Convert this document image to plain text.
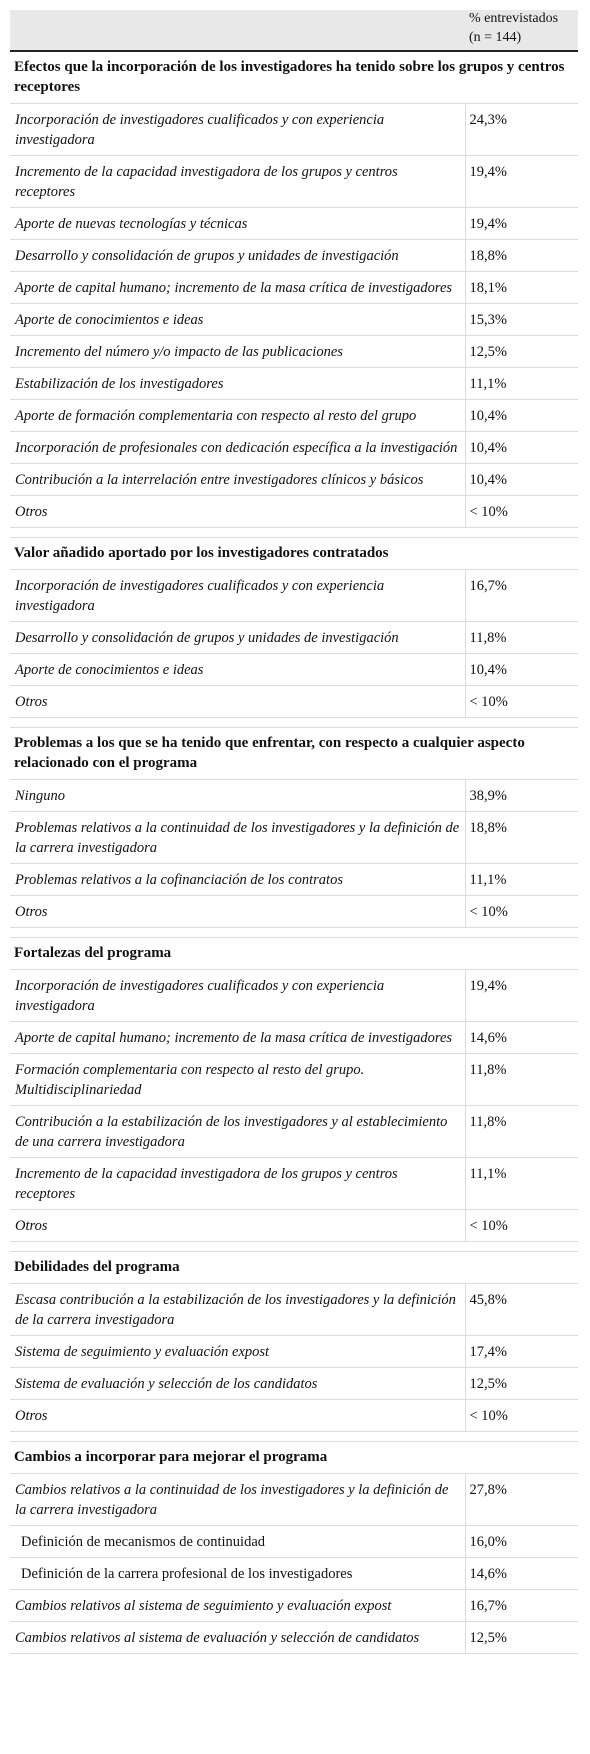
	% entrevistados
(n = 144)

Efectos que la incorporación de los investigadores ha tenido sobre los grupos y centros receptores	
Incorporación de investigadores cualificados y con experiencia investigadora	24,3%
Incremento de la capacidad investigadora de los grupos y centros receptores	19,4%
Aporte de nuevas tecnologías y técnicas	19,4%
Desarrollo y consolidación de grupos y unidades de investigación	18,8%
Aporte de capital humano; incremento de la masa crítica de investigadores	18,1%
Aporte de conocimientos e ideas	15,3%
Incremento del número y/o impacto de las publicaciones	12,5%
Estabilización de los investigadores	11,1%
Aporte de formación complementaria con respecto al resto del grupo	10,4%
Incorporación de profesionales con dedicación específica a la investigación	10,4%
Contribución a la interrelación entre investigadores clínicos y básicos	10,4%
Otros	< 10%

Valor añadido aportado por los investigadores contratados	
Incorporación de investigadores cualificados y con experiencia investigadora	16,7%
Desarrollo y consolidación de grupos y unidades de investigación	11,8%
Aporte de conocimientos e ideas	10,4%
Otros	< 10%

Problemas a los que se ha tenido que enfrentar, con respecto a cualquier aspecto relacionado con el programa	
Ninguno	38,9%
Problemas relativos a la continuidad de los investigadores y la definición de la carrera investigadora	18,8%
Problemas relativos a la cofinanciación de los contratos	11,1%
Otros	< 10%

Fortalezas del programa	
Incorporación de investigadores cualificados y con experiencia investigadora	19,4%
Aporte de capital humano; incremento de la masa crítica de investigadores	14,6%
Formación complementaria con respecto al resto del grupo. Multidisciplinariedad	11,8%
Contribución a la estabilización de los investigadores y al establecimiento de una carrera investigadora	11,8%
Incremento de la capacidad investigadora de los grupos y centros receptores	11,1%
Otros	< 10%

Debilidades del programa	
Escasa contribución a la estabilización de los investigadores y la definición de la carrera investigadora	45,8%
Sistema de seguimiento y evaluación expost	17,4%
Sistema de evaluación y selección de los candidatos	12,5%
Otros	< 10%

Cambios a incorporar para mejorar el programa	
Cambios relativos a la continuidad de los investigadores y la definición de la carrera investigadora	27,8%
Definición de mecanismos de continuidad	16,0%
Definición de la carrera profesional de los investigadores	14,6%
Cambios relativos al sistema de seguimiento y evaluación expost	16,7%
Cambios relativos al sistema de evaluación y selección de candidatos	12,5%
